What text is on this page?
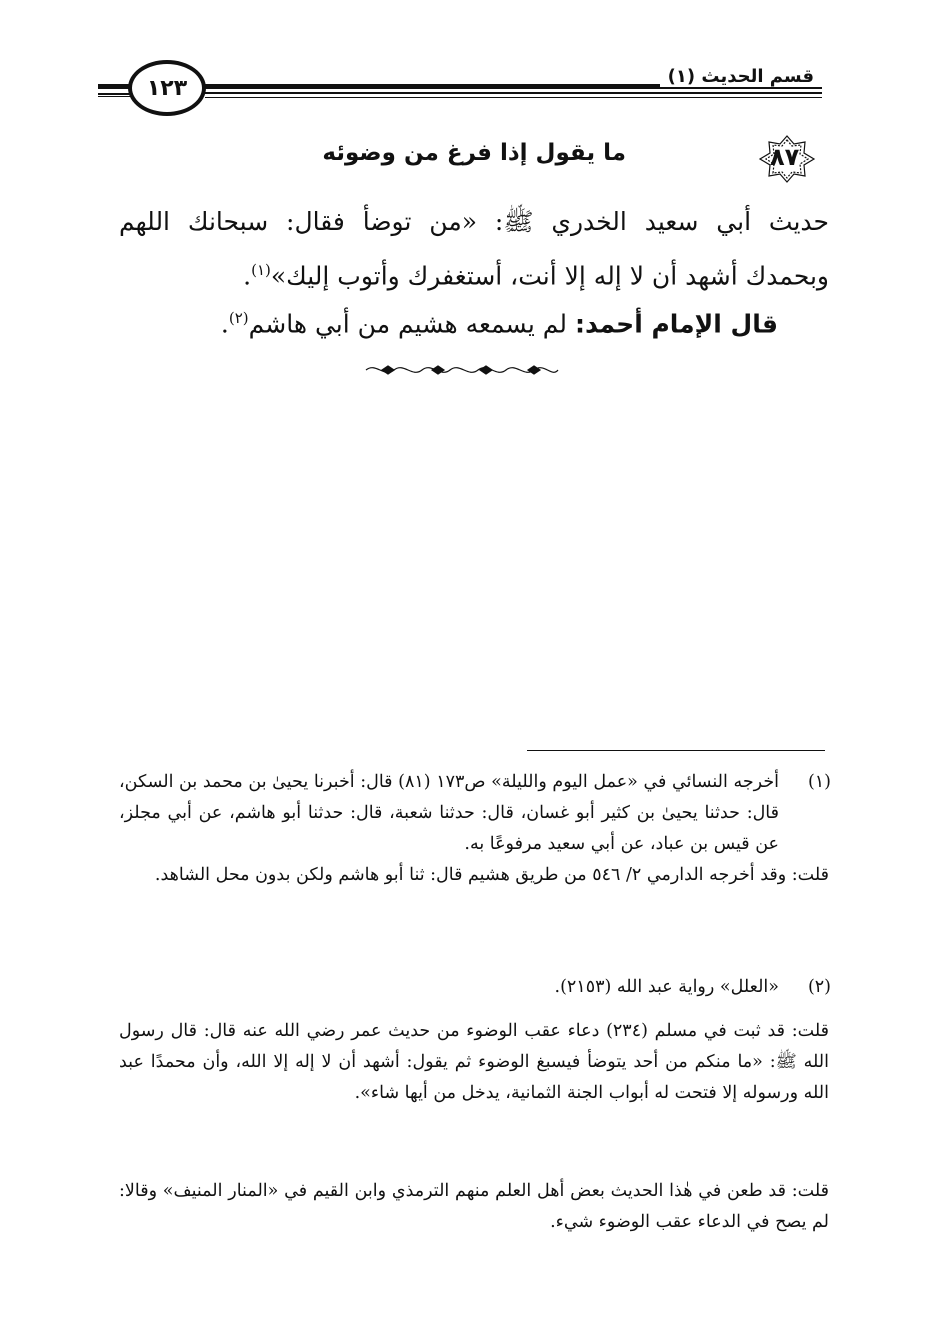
قسم الحديث (١)
١٢٣
٨٧
ما يقول إذا فرغ من وضوئه
حديث أبي سعيد الخدري ﷺ: «من توضأ فقال: سبحانك اللهم وبحمدك أشهد أن لا إله إلا أنت، أستغفرك وأتوب إليك»$^{(١)}$.
قال الإمام أحمد: لم يسمعه هشيم من أبي هاشم$^{(٢)}$.
(١)
أخرجه النسائي في «عمل اليوم والليلة» ص١٧٣ (٨١) قال: أخبرنا يحيىٰ بن محمد بن السكن، قال: حدثنا يحيىٰ بن كثير أبو غسان، قال: حدثنا شعبة، قال: حدثنا أبو هاشم، عن أبي مجلز، عن قيس بن عباد، عن أبي سعيد مرفوعًا به.
قلت: وقد أخرجه الدارمي ٢/ ٥٤٦ من طريق هشيم قال: ثنا أبو هاشم ولكن بدون محل الشاهد.
(٢)
«العلل» رواية عبد الله (٢١٥٣).
قلت: قد ثبت في مسلم (٢٣٤) دعاء عقب الوضوء من حديث عمر رضي الله عنه قال: قال رسول الله ﷺ: «ما منكم من أحد يتوضأ فيسبغ الوضوء ثم يقول: أشهد أن لا إله إلا الله، وأن محمدًا عبد الله ورسوله إلا فتحت له أبواب الجنة الثمانية، يدخل من أيها شاء».
قلت: قد طعن في هٰذا الحديث بعض أهل العلم منهم الترمذي وابن القيم في «المنار المنيف» وقالا: لم يصح في الدعاء عقب الوضوء شيء.
